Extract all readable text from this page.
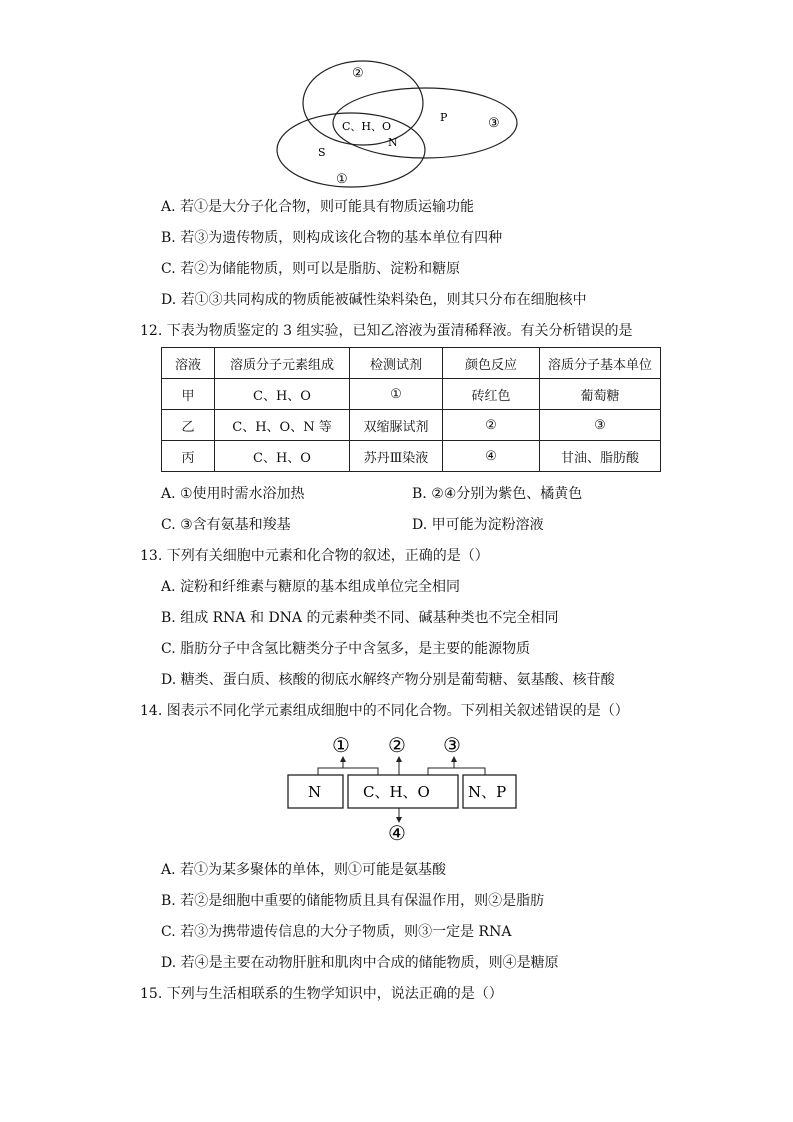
②
③
①
C、H、O
P
S
N
A. 若①是大分子化合物，则可能具有物质运输功能
B. 若③为遗传物质，则构成该化合物的基本单位有四种
C. 若②为储能物质，则可以是脂肪、淀粉和糖原
D. 若①③共同构成的物质能被碱性染料染色，则其只分布在细胞核中
12. 下表为物质鉴定的 3 组实验，已知乙溶液为蛋清稀释液。有关分析错误的是
溶液	溶质分子元素组成	检测试剂	颜色反应	溶质分子基本单位
甲	C、H、O	①	砖红色	葡萄糖
乙	C、H、O、N 等	双缩脲试剂	②	③
丙	C、H、O	苏丹Ⅲ染液	④	甘油、脂肪酸
A. ①使用时需水浴加热	B. ②④分别为紫色、橘黄色
C. ③含有氨基和羧基	D. 甲可能为淀粉溶液
13. 下列有关细胞中元素和化合物的叙述，正确的是（）
A. 淀粉和纤维素与糖原的基本组成单位完全相同
B. 组成 RNA 和 DNA 的元素种类不同、碱基种类也不完全相同
C. 脂肪分子中含氢比糖类分子中含氢多，是主要的能源物质
D. 糖类、蛋白质、核酸的彻底水解终产物分别是葡萄糖、氨基酸、核苷酸
14. 图表示不同化学元素组成细胞中的不同化合物。下列相关叙述错误的是（）
① ② ③
④
N	C、H、O	N、P
A. 若①为某多聚体的单体，则①可能是氨基酸
B. 若②是细胞中重要的储能物质且具有保温作用，则②是脂肪
C. 若③为携带遗传信息的大分子物质，则③一定是 RNA
D. 若④是主要在动物肝脏和肌肉中合成的储能物质，则④是糖原
15. 下列与生活相联系的生物学知识中，说法正确的是（）
